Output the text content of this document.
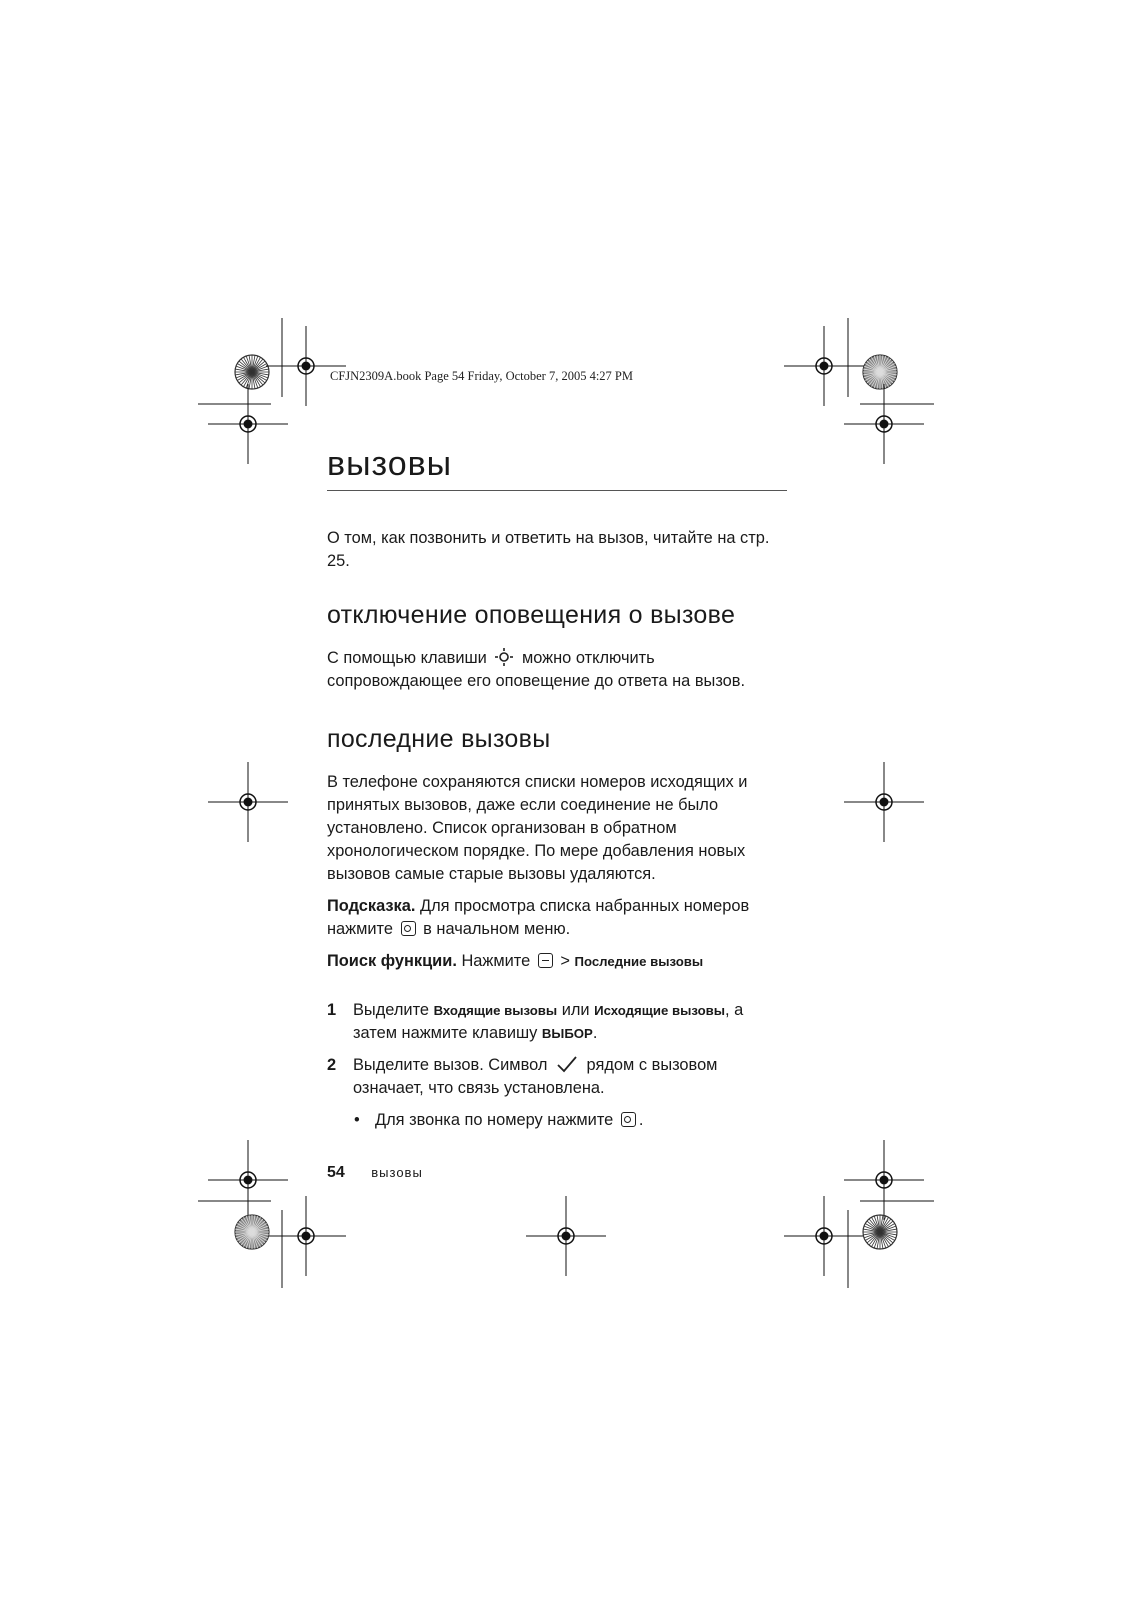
CFJN2309A.book Page 54 Friday, October 7, 2005 4:27 PM
вызовы

О том, как позвонить и ответить на вызов, читайте на стр. 25.

отключение оповещения о вызове

С помощью клавиши можно отключить сопровождающее его оповещение до ответа на вызов.

последние вызовы

В телефоне сохраняются списки номеров исходящих и принятых вызовов, даже если соединение не было установлено. Список организован в обратном хронологическом порядке. По мере добавления новых вызовов самые старые вызовы удаляются.

Подсказка. Для просмотра списка набранных номеров нажмите в начальном меню.

Поиск функции. Нажмите > Последние вызовы

1 Выделите Входящие вызовы или Исходящие вызовы, а затем нажмите клавишу ВЫБОР.
2 Выделите вызов. Символ рядом с вызовом означает, что связь установлена.
• Для звонка по номеру нажмите .
54 вызовы
